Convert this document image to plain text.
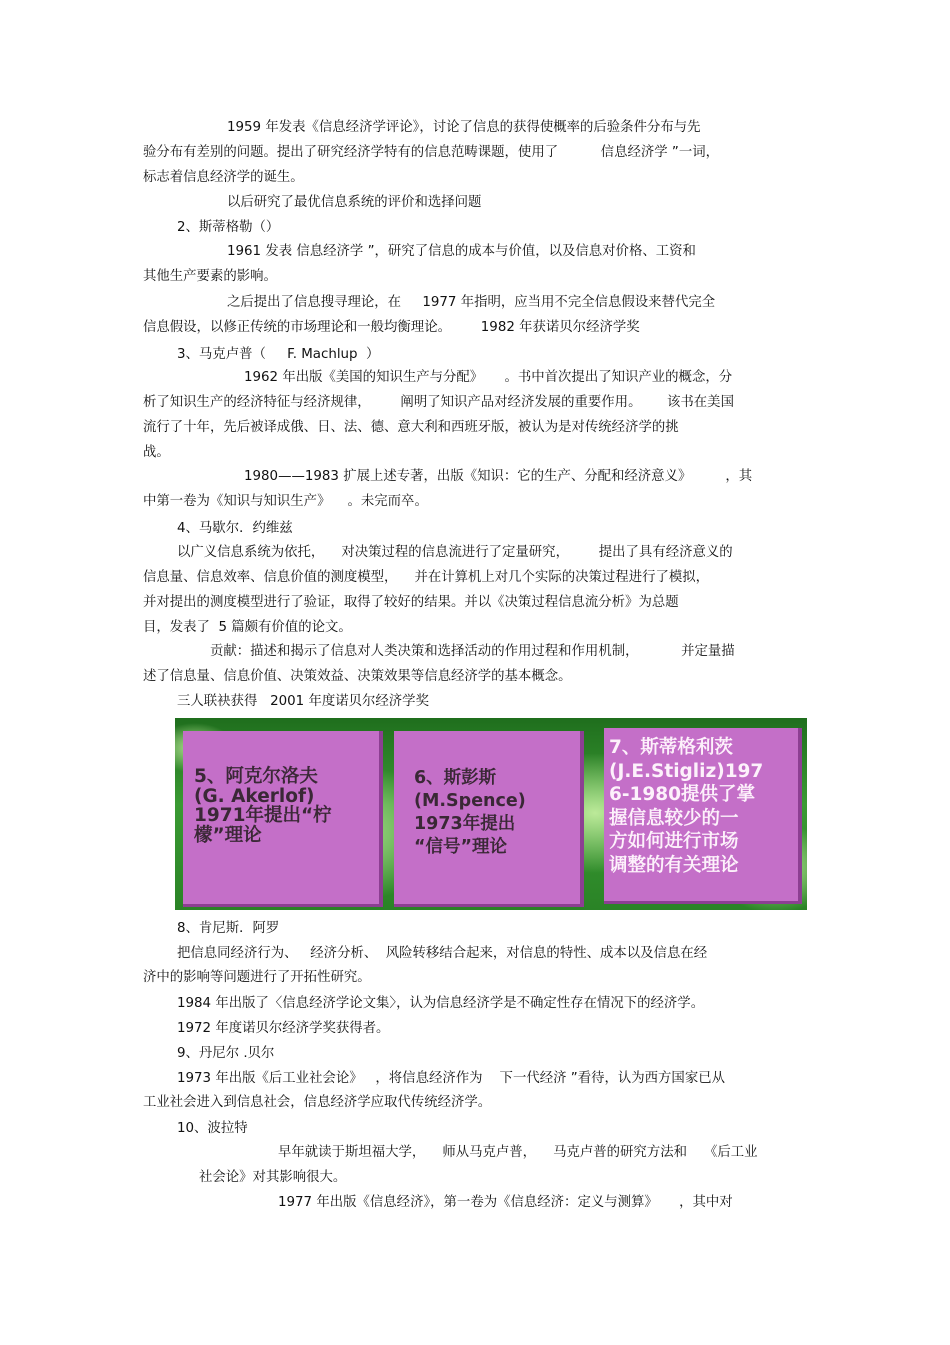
1959 年发表《信息经济学评论》，讨论了信息的获得使概率的后验条件分布与先

验分布有差别的问题。提出了研究经济学特有的信息范畴课题，使用了          信息经济学 ”一词，

标志着信息经济学的诞生。

以后研究了最优信息系统的评价和选择问题

2、斯蒂格勒（）

1961 发表 信息经济学 ”，研究了信息的成本与价值，以及信息对价格、工资和

其他生产要素的影响。

之后提出了信息搜寻理论，在     1977 年指明，应当用不完全信息假设来替代完全

信息假设，以修正传统的市场理论和一般均衡理论。       1982 年获诺贝尔经济学奖

3、马克卢普（     F. Machlup  ）

1962 年出版《美国的知识生产与分配》     。书中首次提出了知识产业的概念，分

析了知识生产的经济特征与经济规律，       阐明了知识产品对经济发展的重要作用。      该书在美国

流行了十年，先后被译成俄、日、法、德、意大利和西班牙版，被认为是对传统经济学的挑

战。

1980——1983 扩展上述专著，出版《知识：它的生产、分配和经济意义》        ，其

中第一卷为《知识与知识生产》    。未完而卒。

4、马歇尔．约维兹

以广义信息系统为依托，    对决策过程的信息流进行了定量研究，       提出了具有经济意义的

信息量、信息效率、信息价值的测度模型，    并在计算机上对几个实际的决策过程进行了模拟，

并对提出的测度模型进行了验证，取得了较好的结果。并以《决策过程信息流分析》为总题

目，发表了  5 篇颇有价值的论文。

贡献：描述和揭示了信息对人类决策和选择活动的作用过程和作用机制，          并定量描

述了信息量、信息价值、决策效益、决策效果等信息经济学的基本概念。

三人联袂获得   2001 年度诺贝尔经济学奖

5、阿克尔洛夫
(G. Akerlof)
1971年提出“柠
檬”理论

6、斯彭斯
(M.Spence)
1973年提出
“信号”理论

7、斯蒂格利茨
(J.E.Stigliz)197
6-1980提供了掌
握信息较少的一
方如何进行市场
调整的有关理论

8、肯尼斯．阿罗

把信息同经济行为、   经济分析、  风险转移结合起来，对信息的特性、成本以及信息在经

济中的影响等问题进行了开拓性研究。

1984 年出版了〈信息经济学论文集〉，认为信息经济学是不确定性存在情况下的经济学。

1972 年度诺贝尔经济学奖获得者。

9、丹尼尔 .贝尔

1973 年出版《后工业社会论》   ，将信息经济作为    下一代经济 ”看待，认为西方国家已从

工业社会进入到信息社会，信息经济学应取代传统经济学。

10、波拉特

早年就读于斯坦福大学，    师从马克卢普，    马克卢普的研究方法和    《后工业

社会论》对其影响很大。

1977 年出版《信息经济》，第一卷为《信息经济：定义与测算》     ，其中对
